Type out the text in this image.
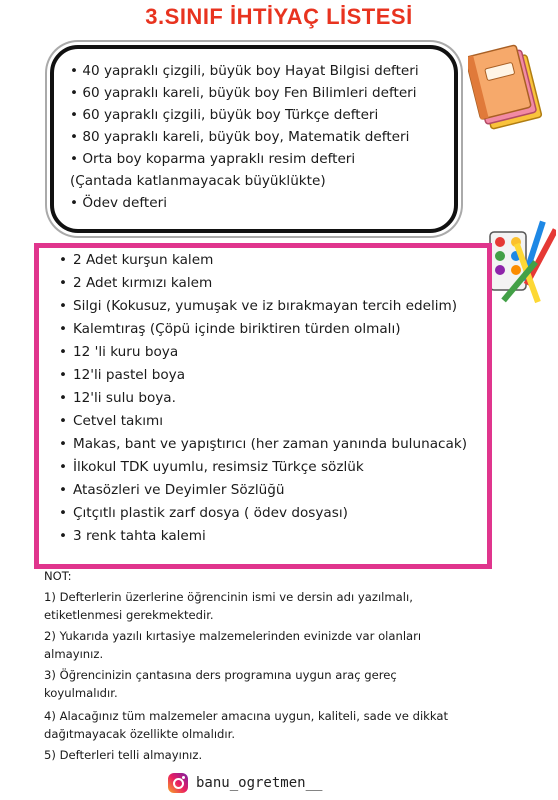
3.SINIF İHTİYAÇ LİSTESİ
• 40 yapraklı çizgili, büyük boy Hayat Bilgisi defteri
• 60 yapraklı kareli, büyük boy Fen Bilimleri defteri
• 60 yapraklı çizgili, büyük boy Türkçe defteri
• 80 yapraklı kareli, büyük boy, Matematik defteri
• Orta boy koparma yapraklı resim defteri
(Çantada katlanmayacak büyüklükte)
• Ödev defteri
• 2 Adet kurşun kalem
• 2 Adet kırmızı kalem
• Silgi (Kokusuz, yumuşak ve iz bırakmayan tercih edelim)
• Kalemtıraş (Çöpü içinde biriktiren türden olmalı)
• 12 'li kuru boya
• 12'li pastel boya
• 12'li sulu boya.
• Cetvel takımı
• Makas, bant ve yapıştırıcı (her zaman yanında bulunacak)
• İlkokul TDK uyumlu, resimsiz Türkçe sözlük
• Atasözleri ve Deyimler Sözlüğü
• Çıtçıtlı plastik zarf dosya ( ödev dosyası)
• 3 renk tahta kalemi
NOT:
1) Defterlerin üzerlerine öğrencinin ismi ve dersin adı yazılmalı,
etiketlenmesi gerekmektedir.
2) Yukarıda yazılı kırtasiye malzemelerinden evinizde var olanları
almayınız.
3) Öğrencinizin çantasına ders programına uygun araç gereç
koyulmalıdır.
4) Alacağınız tüm malzemeler amacına uygun, kaliteli, sade ve dikkat
dağıtmayacak özellikte olmalıdır.
5) Defterleri telli almayınız.
banu_ogretmen__
